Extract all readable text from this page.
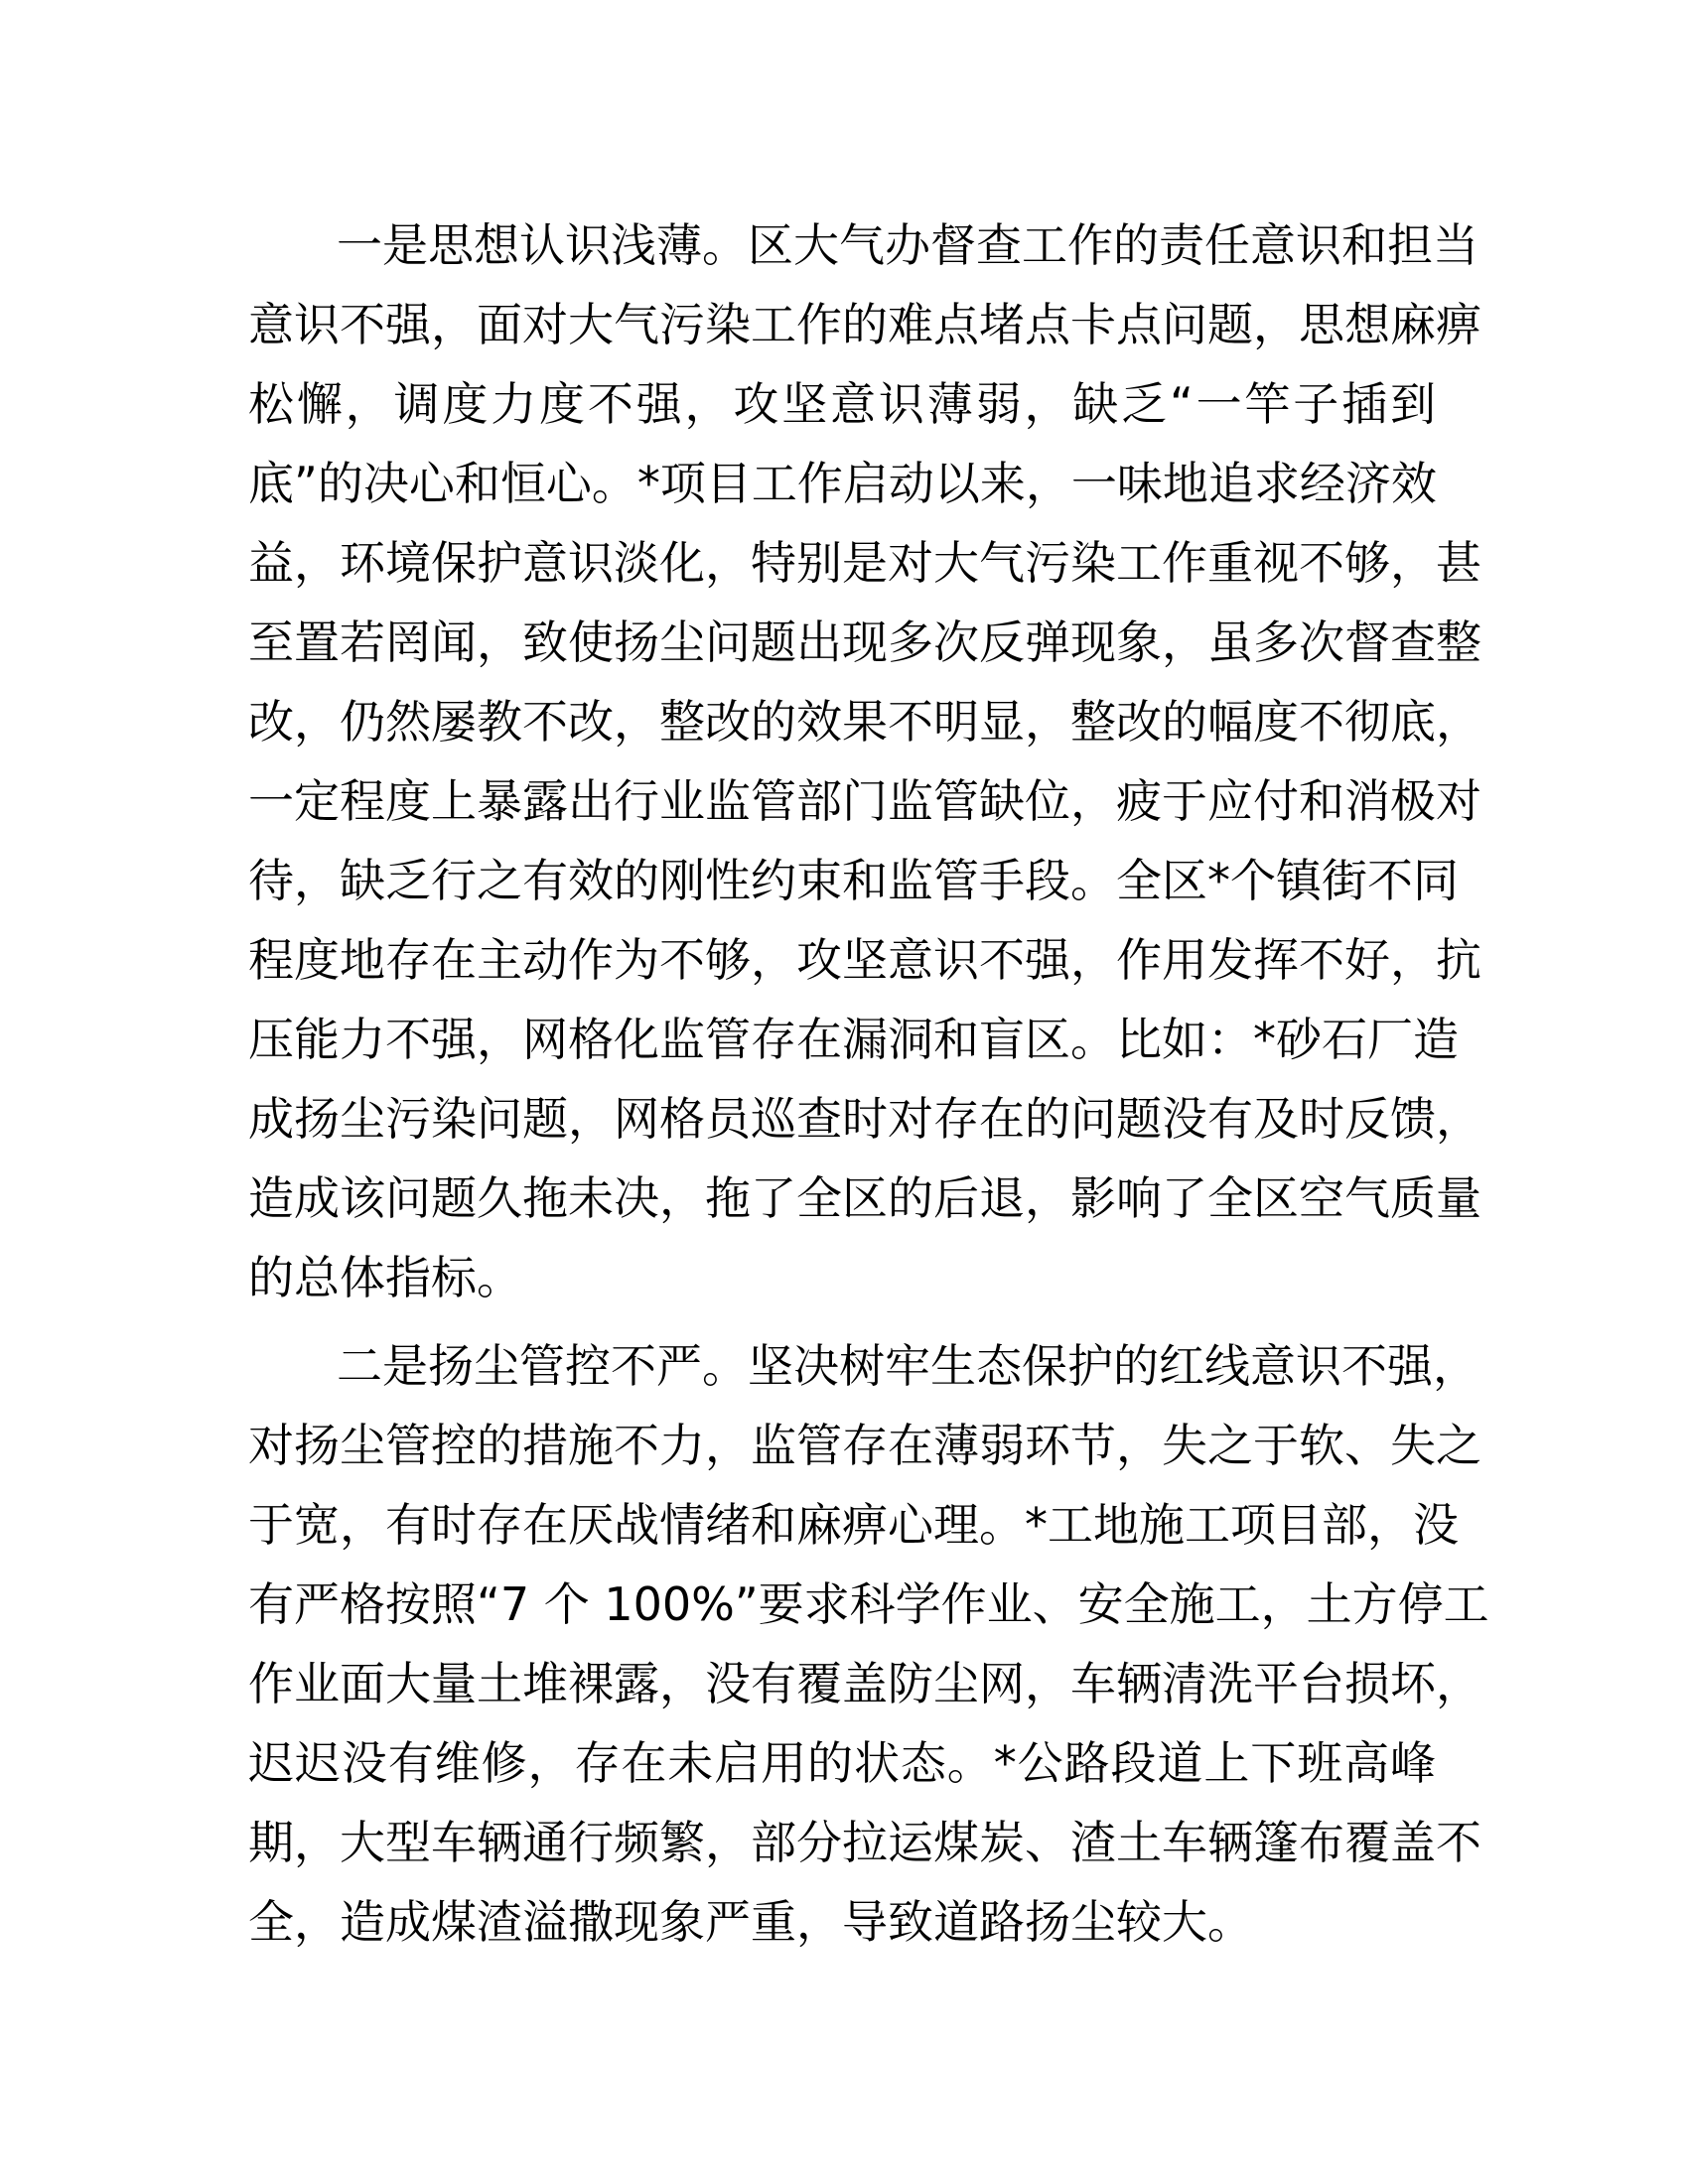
一是思想认识浅薄。区大气办督查工作的责任意识和担当
意识不强，面对大气污染工作的难点堵点卡点问题，思想麻痹
松懈，调度力度不强，攻坚意识薄弱，缺乏“一竿子插到
底”的决心和恒心。*项目工作启动以来，一味地追求经济效
益，环境保护意识淡化，特别是对大气污染工作重视不够，甚
至置若罔闻，致使扬尘问题出现多次反弹现象，虽多次督查整
改，仍然屡教不改，整改的效果不明显，整改的幅度不彻底，
一定程度上暴露出行业监管部门监管缺位，疲于应付和消极对
待，缺乏行之有效的刚性约束和监管手段。全区*个镇街不同
程度地存在主动作为不够，攻坚意识不强，作用发挥不好，抗
压能力不强，网格化监管存在漏洞和盲区。比如：*砂石厂造
成扬尘污染问题，网格员巡查时对存在的问题没有及时反馈，
造成该问题久拖未决，拖了全区的后退，影响了全区空气质量
的总体指标。
二是扬尘管控不严。坚决树牢生态保护的红线意识不强，
对扬尘管控的措施不力，监管存在薄弱环节，失之于软、失之
于宽，有时存在厌战情绪和麻痹心理。*工地施工项目部，没
有严格按照“7 个 100%”要求科学作业、安全施工，土方停工
作业面大量土堆裸露，没有覆盖防尘网，车辆清洗平台损坏，
迟迟没有维修，存在未启用的状态。*公路段道上下班高峰
期，大型车辆通行频繁，部分拉运煤炭、渣土车辆篷布覆盖不
全，造成煤渣溢撒现象严重，导致道路扬尘较大。
